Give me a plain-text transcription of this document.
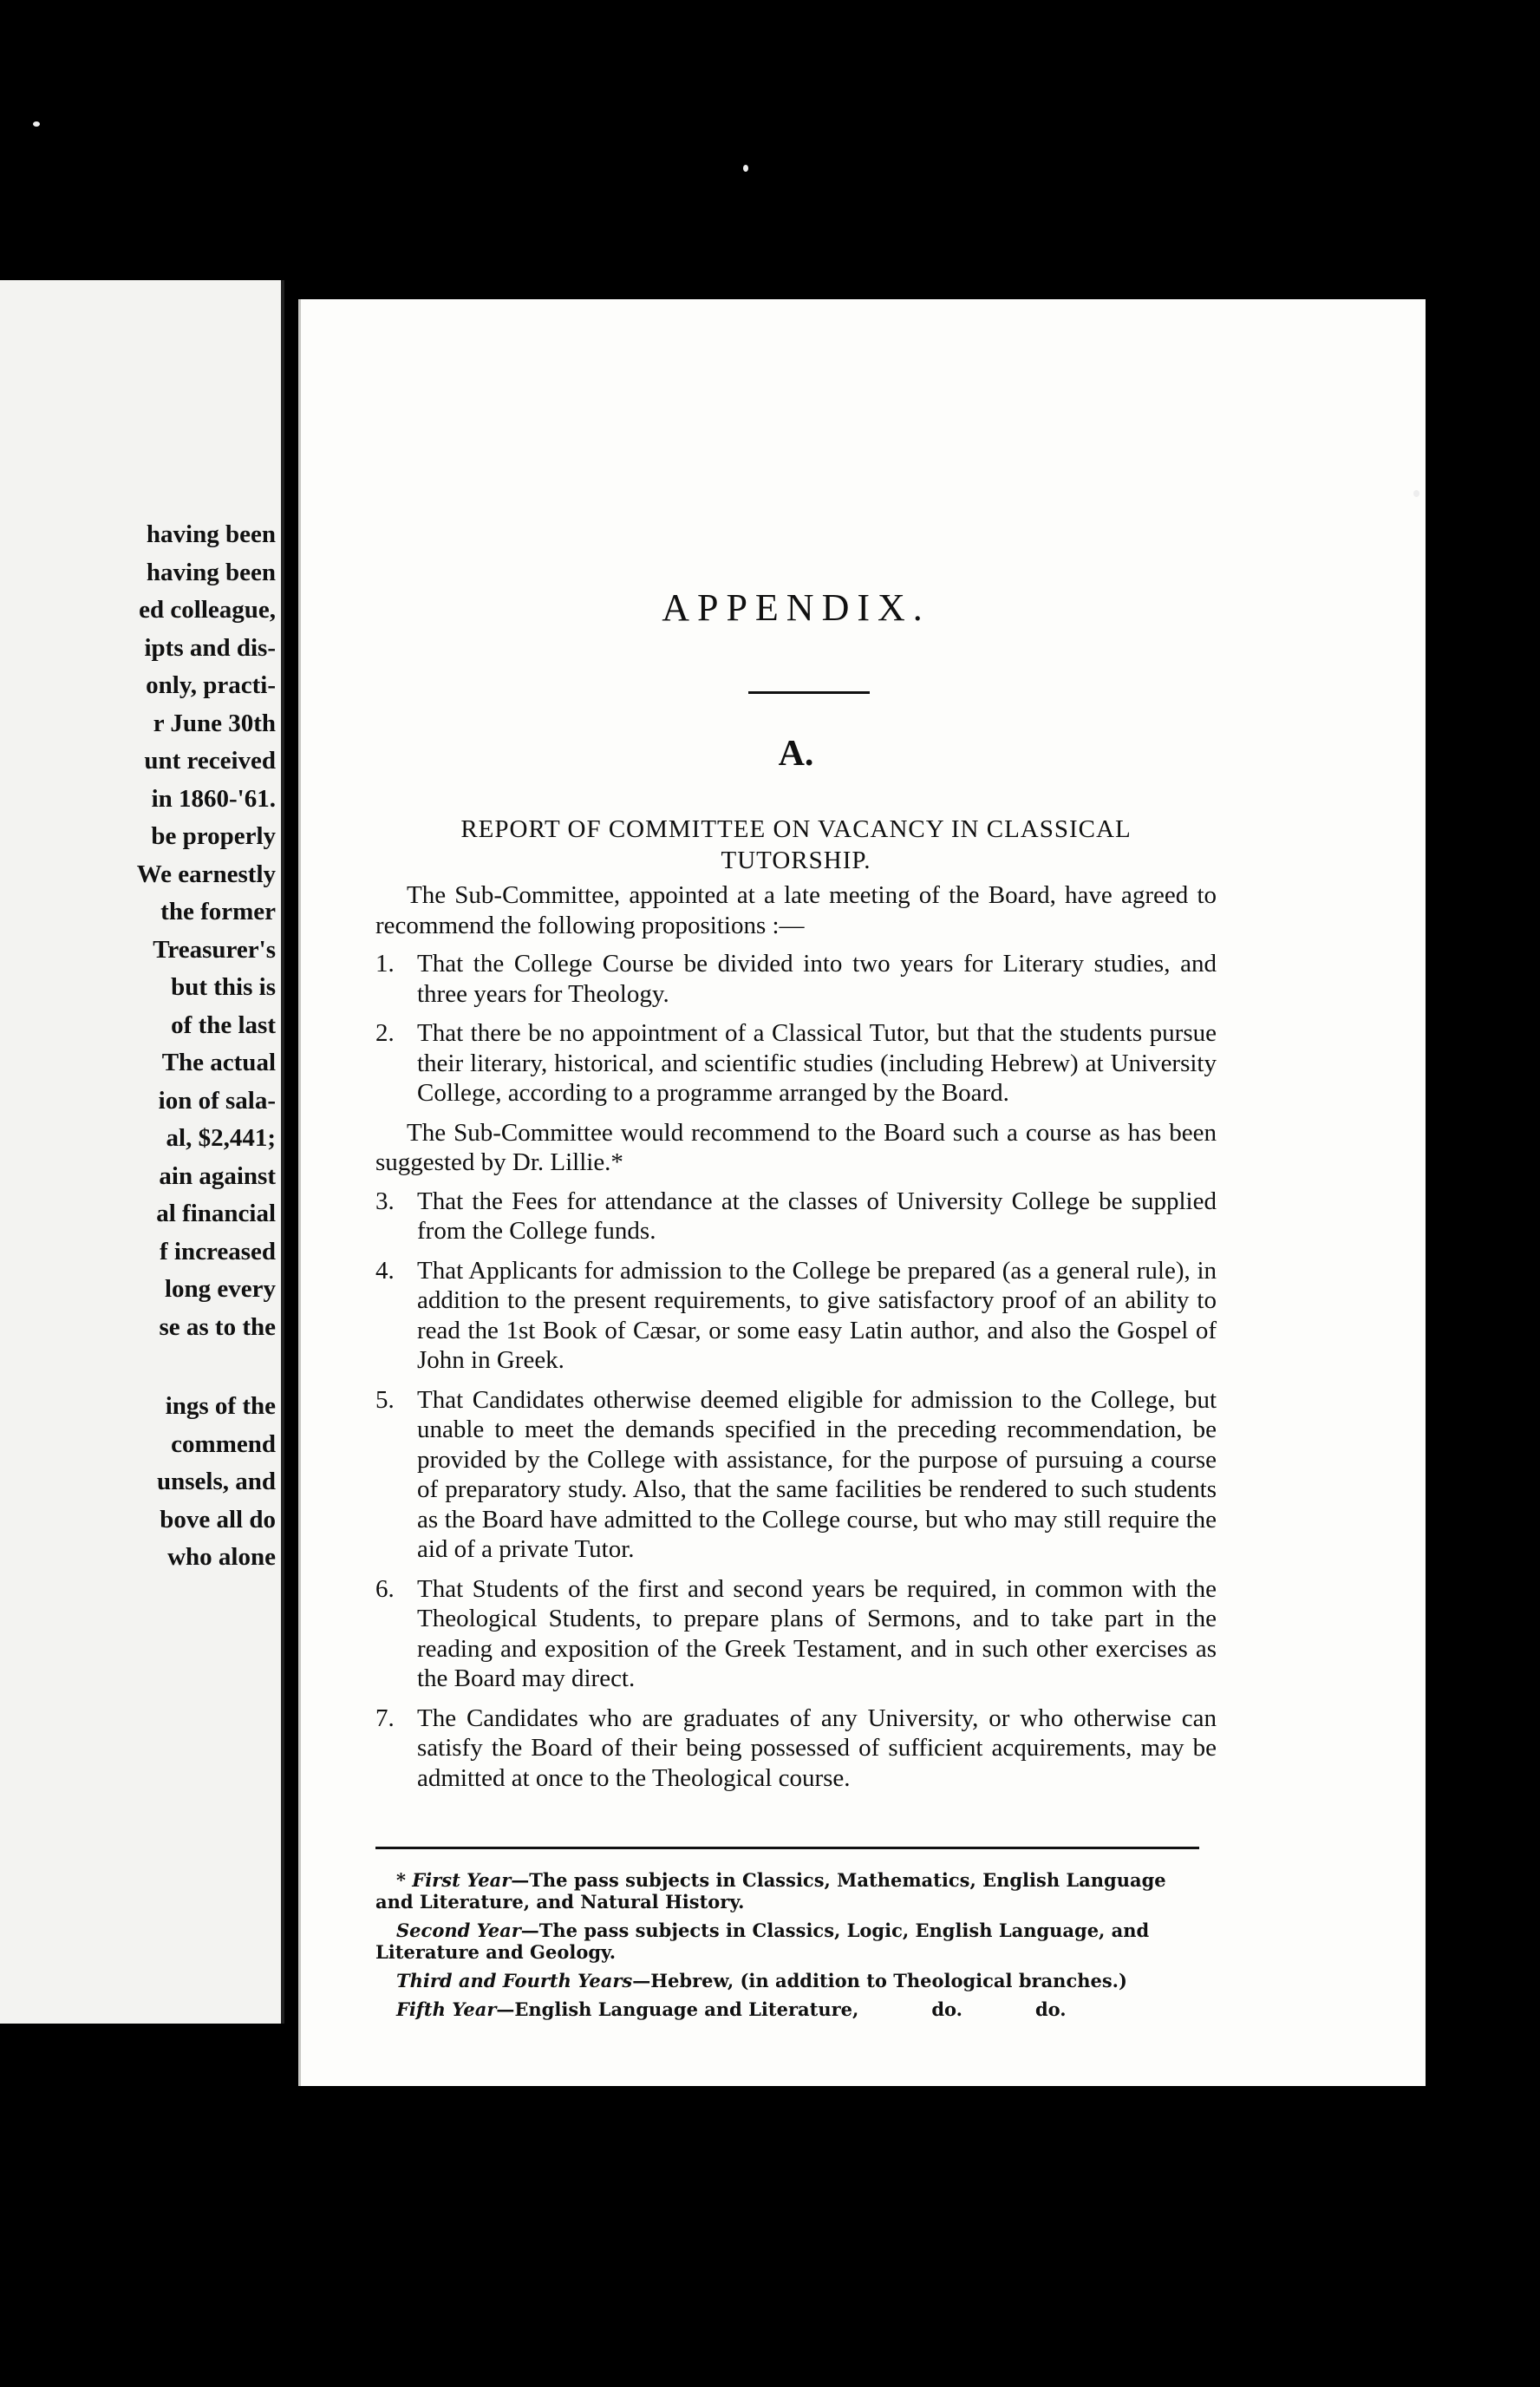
having been
having been
ed colleague,
ipts and dis-
only, practi-
r June 30th
unt received
in 1860-'61.
be properly
We earnestly
the former
Treasurer's
but this is
of the last
The actual
ion of sala-
al, $2,441;
ain against
al financial
f increased
long every
se as to the
ings of the
commend
unsels, and
bove all do
who alone
APPENDIX.
A.
REPORT OF COMMITTEE ON VACANCY IN CLASSICAL
TUTORSHIP.

The Sub-Committee, appointed at a late meeting of the Board, have agreed to recommend the following propositions :—

1. That the College Course be divided into two years for Literary studies, and three years for Theology.
2. That there be no appointment of a Classical Tutor, but that the students pursue their literary, historical, and scientific studies (including Hebrew) at University College, according to a programme arranged by the Board.

The Sub-Committee would recommend to the Board such a course as has been suggested by Dr. Lillie.*

3. That the Fees for attendance at the classes of University College be supplied from the College funds.
4. That Applicants for admission to the College be prepared (as a general rule), in addition to the present requirements, to give satisfactory proof of an ability to read the 1st Book of Cæsar, or some easy Latin author, and also the Gospel of John in Greek.
5. That Candidates otherwise deemed eligible for admission to the College, but unable to meet the demands specified in the preceding recommendation, be provided by the College with assistance, for the purpose of pursuing a course of preparatory study. Also, that the same facilities be rendered to such students as the Board have admitted to the College course, but who may still require the aid of a private Tutor.
6. That Students of the first and second years be required, in common with the Theological Students, to prepare plans of Sermons, and to take part in the reading and exposition of the Greek Testament, and in such other exercises as the Board may direct.
7. The Candidates who are graduates of any University, or who otherwise can satisfy the Board of their being possessed of sufficient acquirements, may be admitted at once to the Theological course.

* First Year—The pass subjects in Classics, Mathematics, English Language and Literature, and Natural History.

Second Year—The pass subjects in Classics, Logic, English Language, and Literature and Geology.

Third and Fourth Years—Hebrew, (in addition to Theological branches.)

Fifth Year—English Language and Literature,	do.	do.
